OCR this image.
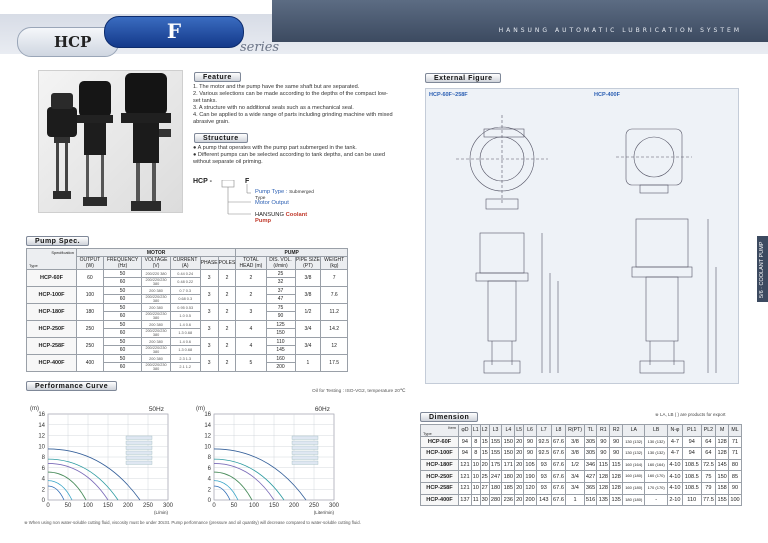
HANSUNG AUTOMATIC LUBRICATION SYSTEM
HCP	F
series
Feature
1. The motor and the pump have the same shaft but are separated.
2. Various selections can be made according to the depths of the compact low-set tanks.
3. A structure with no additional seals such as a mechanical seal.
4. Can be applied to a wide range of parts including grinding machine with mixed abrasive grain.
Structure
● A pump that operates with the pump part submerged in the tank.
● Different pumps can be selected according to tank depths, and can be used without separate oil priming.
HCP -	F
Pump Type : Submerged Type
Motor Output
HANSUNG Coolant Pump
Pump Spec.
Specification
Type	MOTOR						PUMP			
	OUTPUT (W)	FREQUENCY (Hz)	VOLTAGE (V)	CURRENT (A)	PHASE	POLES	TOTAL HEAD (m)	DIS. VOL. (ℓ/min)	PIPE SIZE (PT)	WEIGHT (kg)
HCP-60F	60	50	200/220 380	0.44 0.24	3	2	2	25	3/8	7
		60	200/220/230 380	0.48 0.22				32		
HCP-100F	100	50	200 380	0.7 0.3	3	2	2	37	3/8	7.6
		60	200/220/230 380	0.68 0.3				47		
HCP-180F	180	50	200 380	0.95 0.53	3	2	3	75	1/2	11.2
		60	200/220/230 380	1.0 0.5				90		
HCP-250F	250	50	200 380	1.4 0.6	3	2	4	125	3/4	14.2
		60	200/220/230 380	1.3 0.68				150		
HCP-258F	250	50	200 380	1.4 0.6	3	2	4	110	3/4	12
		60	200/220/230 380	1.3 0.68				145		
HCP-400F	400	50	200 380	2.3 1.3	3	2	5	160	1	17.5
		60	200/220/230 380	2.1 1.2				200		
Performance Curve
Oil for Testing : ISO-VG2, temperature 20℃
0
2
4
6
8
10
12
14
16
0 50 100 150 200 250 300
(m)	50Hz
(L/min)
0
2
4
6
8
10
12
14
16
0 50 100 150 200 250 300
(m)	60Hz
(Liter/min)
※ When using non water-soluble cutting fluid, viscosity must be under 30cSt. Pump performance (pressure and oil quantity) will decrease compared to water-soluble cutting fluid.
External Figure
HCP-60F~258F	HCP-400F
5/6 · COOLANT PUMP
Dimension	※ LA, LB ( ) are products for export
Item
Type	φD	L1	L2	L3	L4	L5	L6	L7	L8	R(PT)	TL	R1	R2	LA	LB	N-φ	PL1	PL2	M	ML
HCP-60F	94	8	15	155	150	20	90	92.5	67.6	3/8	305	90	90	130 (132)	130 (132)	4-7	94	64	128	71
HCP-100F	94	8	15	155	150	20	90	92.5	67.6	3/8	305	90	90	130 (132)	130 (132)	4-7	94	64	128	71
HCP-180F	121	10	20	175	171	20	105	93	67.6	1/2	346	115	115	160 (164)	160 (164)	4-10	108.5	72.5	145	80
HCP-250F	121	10	25	247	180	20	190	93	67.6	3/4	427	128	128	160 (180)	160 (170)	4-10	108.5	75	150	85
HCP-258F	121	10	27	180	185	20	120	93	67.6	3/4	365	128	128	160 (180)	170 (170)	4-10	108.5	79	158	90
HCP-400F	137	11	30	280	236	20	200	143	67.6	1	516	135	135	180 (180)	-	2-10	110	77.5	155	100
